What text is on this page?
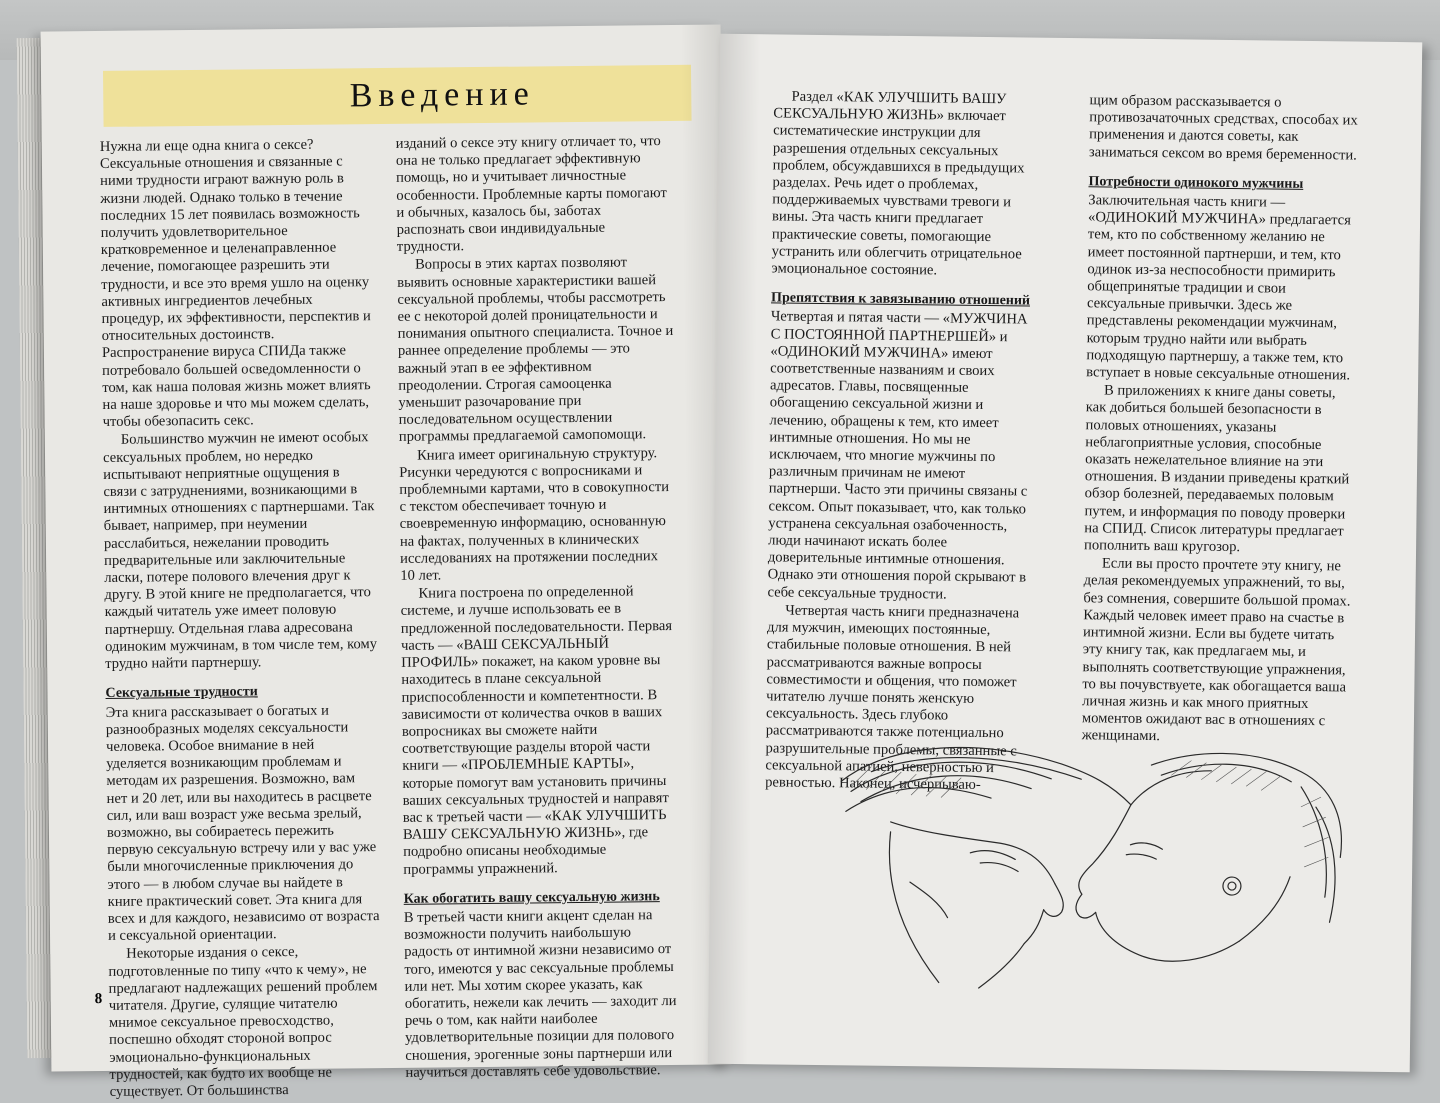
Введение

Нужна ли еще одна книга о сексе? Сексуальные отношения и связанные с ними трудности играют важную роль в жизни людей. Однако только в течение последних 15 лет появилась возможность получить удовлетворительное кратковременное и целенаправленное лечение, помогающее разрешить эти трудности, и все это время ушло на оценку активных ингредиентов лечебных процедур, их эффективности, перспектив и относительных достоинств. Распространение вируса СПИДа также потребовало большей осведомленности о том, как наша половая жизнь может влиять на наше здоровье и что мы можем сделать, чтобы обезопасить секс.

Большинство мужчин не имеют особых сексуальных проблем, но нередко испытывают неприятные ощущения в связи с затруднениями, возникающими в интимных отношениях с партнершами. Так бывает, например, при неумении расслабиться, нежелании проводить предварительные или заключительные ласки, потере полового влечения друг к другу. В этой книге не предполагается, что каждый читатель уже имеет половую партнершу. Отдельная глава адресована одиноким мужчинам, в том числе тем, кому трудно найти партнершу.

Сексуальные трудности

Эта книга рассказывает о богатых и разнообразных моделях сексуальности человека. Особое внимание в ней уделяется возникающим проблемам и методам их разрешения. Возможно, вам нет и 20 лет, или вы находитесь в расцвете сил, или ваш возраст уже весьма зрелый, возможно, вы собираетесь пережить первую сексуальную встречу или у вас уже были многочисленные приключения до этого — в любом случае вы найдете в книге практический совет. Эта книга для всех и для каждого, независимо от возраста и сексуальной ориентации.

Некоторые издания о сексе, подготовленные по типу «что к чему», не предлагают надлежащих решений проблем читателя. Другие, сулящие читателю мнимое сексуальное превосходство, поспешно обходят стороной вопрос эмоционально-функциональных трудностей, как будто их вообще не существует. От большинства

изданий о сексе эту книгу отличает то, что она не только предлагает эффективную помощь, но и учитывает личностные особенности. Проблемные карты помогают и обычных, казалось бы, заботах распознать свои индивидуальные трудности.

Вопросы в этих картах позволяют выявить основные характеристики вашей сексуальной проблемы, чтобы рассмотреть ее с некоторой долей проницательности и понимания опытного специалиста. Точное и раннее определение проблемы — это важный этап в ее эффективном преодолении. Строгая самооценка уменьшит разочарование при последовательном осуществлении программы предлагаемой самопомощи.

Книга имеет оригинальную структуру. Рисунки чередуются с вопросниками и проблемными картами, что в совокупности с текстом обеспечивает точную и своевременную информацию, основанную на фактах, полученных в клинических исследованиях на протяжении последних 10 лет.

Книга построена по определенной системе, и лучше использовать ее в предложенной последовательности. Первая часть — «ВАШ СЕКСУАЛЬНЫЙ ПРОФИЛЬ» покажет, на каком уровне вы находитесь в плане сексуальной приспособленности и компетентности. В зависимости от количества очков в ваших вопросниках вы сможете найти соответствующие разделы второй части книги — «ПРОБЛЕМНЫЕ КАРТЫ», которые помогут вам установить причины ваших сексуальных трудностей и направят вас к третьей части — «КАК УЛУЧШИТЬ ВАШУ СЕКСУАЛЬНУЮ ЖИЗНЬ», где подробно описаны необходимые программы упражнений.

Как обогатить вашу сексуальную жизнь

В третьей части книги акцент сделан на возможности получить наибольшую радость от интимной жизни независимо от того, имеются у вас сексуальные проблемы или нет. Мы хотим скорее указать, как обогатить, нежели как лечить — заходит ли речь о том, как найти наиболее удовлетворительные позиции для полового сношения, эрогенные зоны партнерши или научиться доставлять себе удовольствие.

8

Раздел «КАК УЛУЧШИТЬ ВАШУ СЕКСУАЛЬНУЮ ЖИЗНЬ» включает систематические инструкции для разрешения отдельных сексуальных проблем, обсуждавшихся в предыдущих разделах. Речь идет о проблемах, поддерживаемых чувствами тревоги и вины. Эта часть книги предлагает практические советы, помогающие устранить или облегчить отрицательное эмоциональное состояние.

Препятствия к завязыванию отношений

Четвертая и пятая части — «МУЖЧИНА С ПОСТОЯННОЙ ПАРТНЕРШЕЙ» и «ОДИНОКИЙ МУЖЧИНА» имеют соответственные названиям и своих адресатов. Главы, посвященные обогащению сексуальной жизни и лечению, обращены к тем, кто имеет интимные отношения. Но мы не исключаем, что многие мужчины по различным причинам не имеют партнерши. Часто эти причины связаны с сексом. Опыт показывает, что, как только устранена сексуальная озабоченность, люди начинают искать более доверительные интимные отношения. Однако эти отношения порой скрывают в себе сексуальные трудности.

Четвертая часть книги предназначена для мужчин, имеющих постоянные, стабильные половые отношения. В ней рассматриваются важные вопросы совместимости и общения, что поможет читателю лучше понять женскую сексуальность. Здесь глубоко рассматриваются также потенциально разрушительные проблемы, связанные с сексуальной апатией, неверностью и ревностью. Наконец, исчерпываю-

щим образом рассказывается о противозачаточных средствах, способах их применения и даются советы, как заниматься сексом во время беременности.

Потребности одинокого мужчины

Заключительная часть книги — «ОДИНОКИЙ МУЖЧИНА» предлагается тем, кто по собственному желанию не имеет постоянной партнерши, и тем, кто одинок из-за неспособности примирить общепринятые традиции и свои сексуальные привычки. Здесь же представлены рекомендации мужчинам, которым трудно найти или выбрать подходящую партнершу, а также тем, кто вступает в новые сексуальные отношения.

В приложениях к книге даны советы, как добиться большей безопасности в половых отношениях, указаны неблагоприятные условия, способные оказать нежелательное влияние на эти отношения. В издании приведены краткий обзор болезней, передаваемых половым путем, и информация по поводу проверки на СПИД. Список литературы предлагает пополнить ваш кругозор.

Если вы просто прочтете эту книгу, не делая рекомендуемых упражнений, то вы, без сомнения, совершите большой промах. Каждый человек имеет право на счастье в интимной жизни. Если вы будете читать эту книгу так, как предлагаем мы, и выполнять соответствующие упражнения, то вы почувствуете, как обогащается ваша личная жизнь и как много приятных моментов ожидают вас в отношениях с женщинами.
